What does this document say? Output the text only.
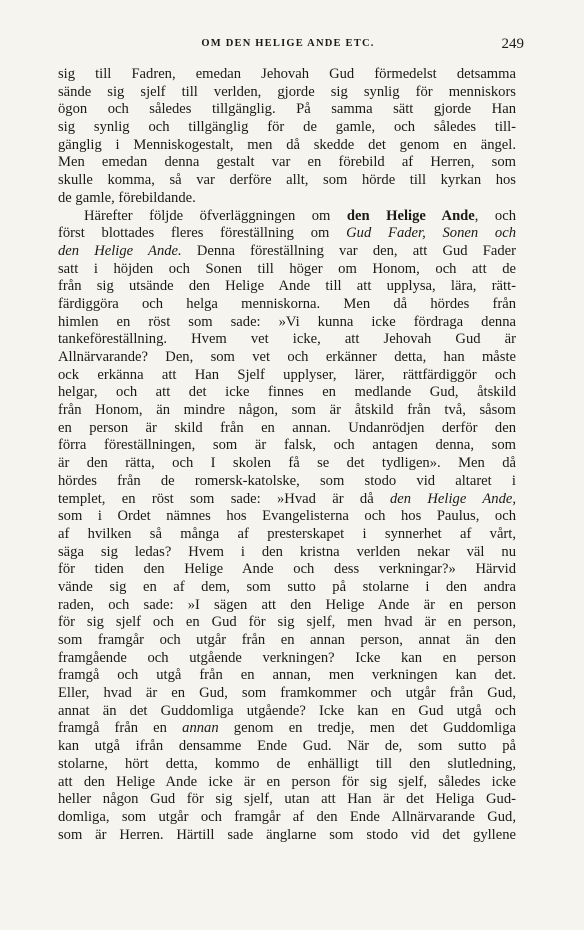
OM DEN HELIGE ANDE ETC.	249
sig till Fadren, emedan Jehovah Gud förmedelst detsamma
sände sig sjelf till verlden, gjorde sig synlig för menniskors
ögon och således tillgänglig. På samma sätt gjorde Han
sig synlig och tillgänglig för de gamle, och således till-
gänglig i Menniskogestalt, men då skedde det genom en ängel.
Men emedan denna gestalt var en förebild af Herren, som
skulle komma, så var derföre allt, som hörde till kyrkan hos
de gamle, förebildande.
Härefter följde öfverläggningen om den Helige Ande, och
först blottades fleres föreställning om Gud Fader, Sonen och
den Helige Ande. Denna föreställning var den, att Gud Fader
satt i höjden och Sonen till höger om Honom, och att de
från sig utsände den Helige Ande till att upplysa, lära, rätt-
färdiggöra och helga menniskorna. Men då hördes från
himlen en röst som sade: »Vi kunna icke fördraga denna
tankeföreställning. Hvem vet icke, att Jehovah Gud är
Allnärvarande? Den, som vet och erkänner detta, han måste
ock erkänna att Han Sjelf upplyser, lärer, rättfärdiggör och
helgar, och att det icke finnes en medlande Gud, åtskild
från Honom, än mindre någon, som är åtskild från två, såsom
en person är skild från en annan. Undanrödjen derför den
förra föreställningen, som är falsk, och antagen denna, som
är den rätta, och I skolen få se det tydligen». Men då
hördes från de romersk-katolske, som stodo vid altaret i
templet, en röst som sade: »Hvad är då den Helige Ande,
som i Ordet nämnes hos Evangelisterna och hos Paulus, och
af hvilken så många af presterskapet i synnerhet af vårt,
säga sig ledas? Hvem i den kristna verlden nekar väl nu
för tiden den Helige Ande och dess verkningar?» Härvid
vände sig en af dem, som sutto på stolarne i den andra
raden, och sade: »I sägen att den Helige Ande är en person
för sig sjelf och en Gud för sig sjelf, men hvad är en person,
som framgår och utgår från en annan person, annat än den
framgående och utgående verkningen? Icke kan en person
framgå och utgå från en annan, men verkningen kan det.
Eller, hvad är en Gud, som framkommer och utgår från Gud,
annat än det Guddomliga utgående? Icke kan en Gud utgå och
framgå från en annan genom en tredje, men det Guddomliga
kan utgå ifrån densamme Ende Gud. När de, som sutto på
stolarne, hört detta, kommo de enhälligt till den slutledning,
att den Helige Ande icke är en person för sig sjelf, således icke
heller någon Gud för sig sjelf, utan att Han är det Heliga Gud-
domliga, som utgår och framgår af den Ende Allnärvarande Gud,
som är Herren. Härtill sade änglarne som stodo vid det gyllene
